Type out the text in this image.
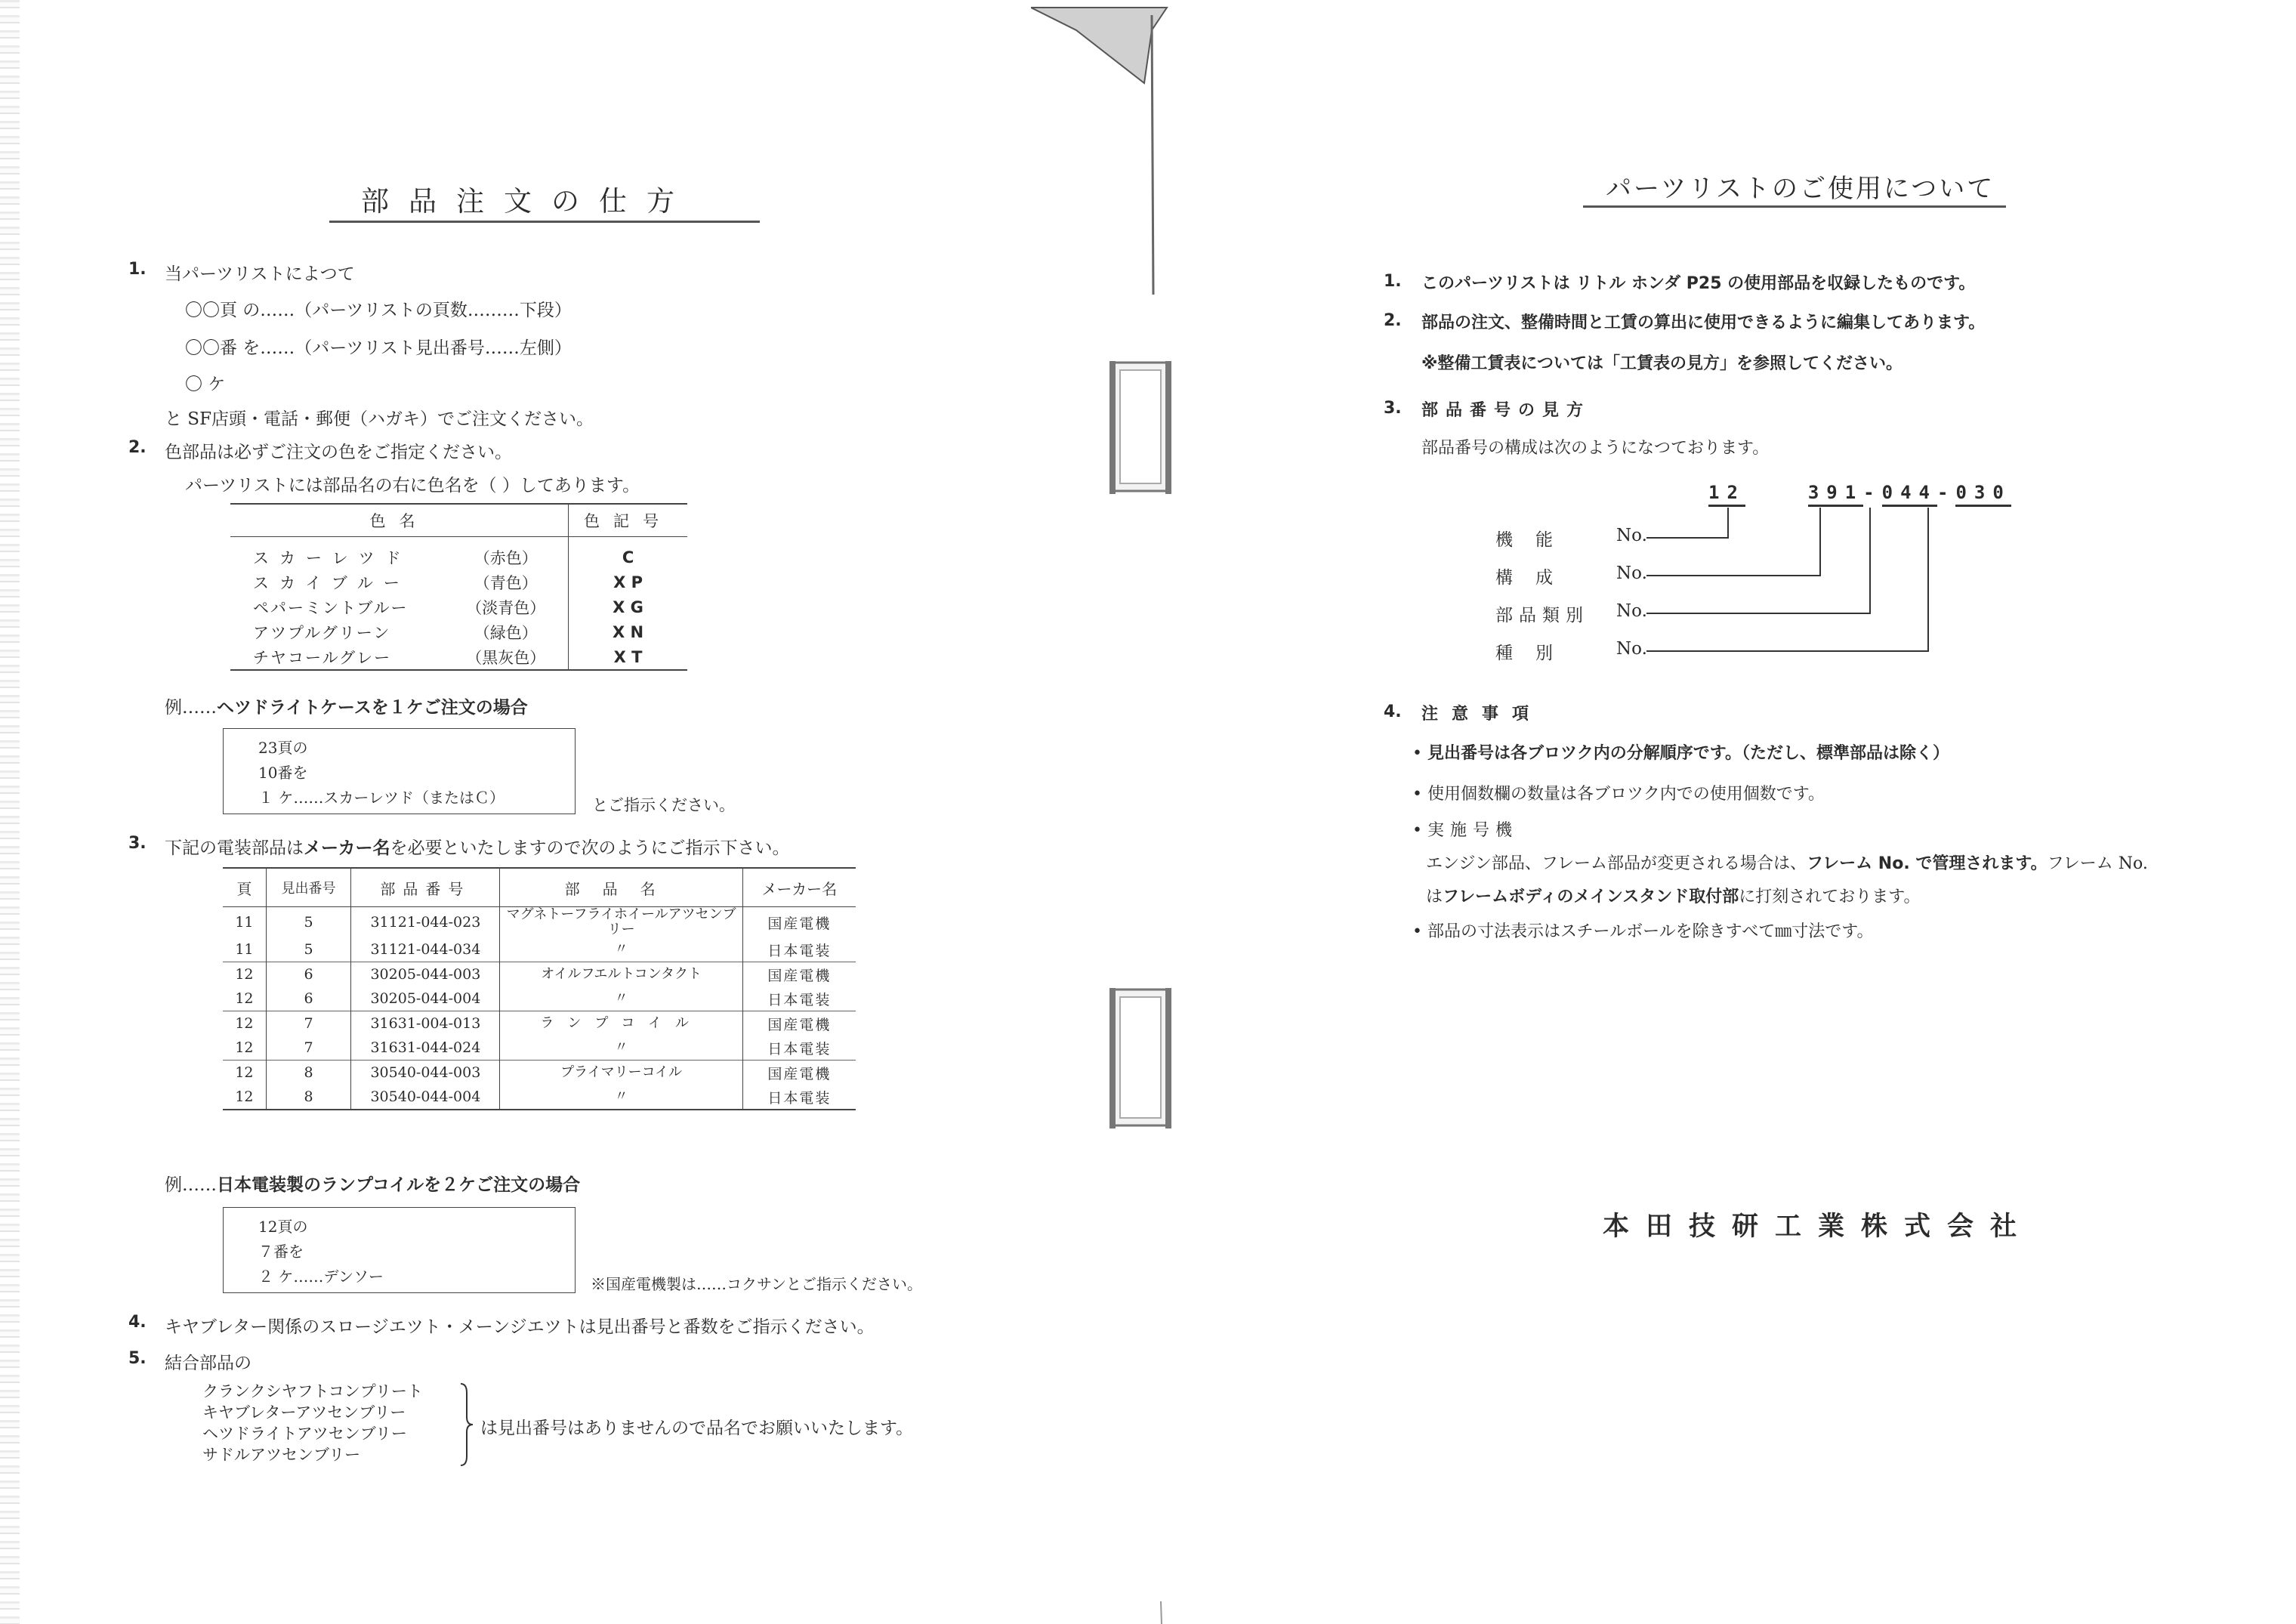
部品注文の仕方
1. 当パーツリストによつて
〇〇頁 の……（パーツリストの頁数………下段）
〇〇番 を……（パーツリスト見出番号……左側）
〇 ケ
と SF店頭・電話・郵便（ハガキ）でご注文ください。
2. 色部品は必ずご注文の色をご指定ください。
パーツリストには部品名の右に色名を（ ）してあります。
色名		色記号
スカーレツド	（赤色）	C
スカイブルー	（青色）	X P
ペパーミントブルー	（淡青色）	X G
アツプルグリーン	（緑色）	X N
チヤコールグレー	（黒灰色）	X T
例……ヘツドライトケースを１ケご注文の場合
23頁の
10番を
１ ケ……スカーレツド（またはＣ）	とご指示ください。
3. 下記の電装部品はメーカー名を必要といたしますので次のようにご指示下さい。
頁	見出番号	部品番号	部品名	メーカー名
11	5	31121-044-023	マグネトーフライホイールアツセンブリー	国産電機
11	5	31121-044-034	〃	日本電装
12	6	30205-044-003	オイルフエルトコンタクト	国産電機
12	6	30205-044-004	〃	日本電装
12	7	31631-004-013	ランプコイル	国産電機
12	7	31631-044-024	〃	日本電装
12	8	30540-044-003	プライマリーコイル	国産電機
12	8	30540-044-004	〃	日本電装
例……日本電装製のランプコイルを２ケご注文の場合
12頁の
７番を
２ ケ……デンソー	※国産電機製は……コクサンとご指示ください。
4. キヤブレター関係のスロージエツト・メーンジエツトは見出番号と番数をご指示ください。
5. 結合部品の
クランクシヤフトコンプリート
キヤブレターアツセンブリー
ヘツドライトアツセンブリー
サドルアツセンブリー
は見出番号はありませんので品名でお願いいたします。
パーツリストのご使用について
1. このパーツリストは リトル ホンダ P25 の使用部品を収録したものです。
2. 部品の注文、整備時間と工賃の算出に使用できるように編集してあります。
※整備工賃表については「工賃表の見方」を参照してください。
3. 部品番号の見方
部品番号の構成は次のようになつております。
12	391-044-030
機能
構成
部品類別
種別
No.
No.
No.
No.
4. 注意事項
• 見出番号は各ブロツク内の分解順序です。（ただし、標準部品は除く）
• 使用個数欄の数量は各ブロツク内での使用個数です。
• 実施号機
エンジン部品、フレーム部品が変更される場合は、フレーム No. で管理されます。フレーム No.
はフレームボディのメインスタンド取付部に打刻されております。
• 部品の寸法表示はスチールボールを除きすべて㎜寸法です。
本田技研工業株式会社
